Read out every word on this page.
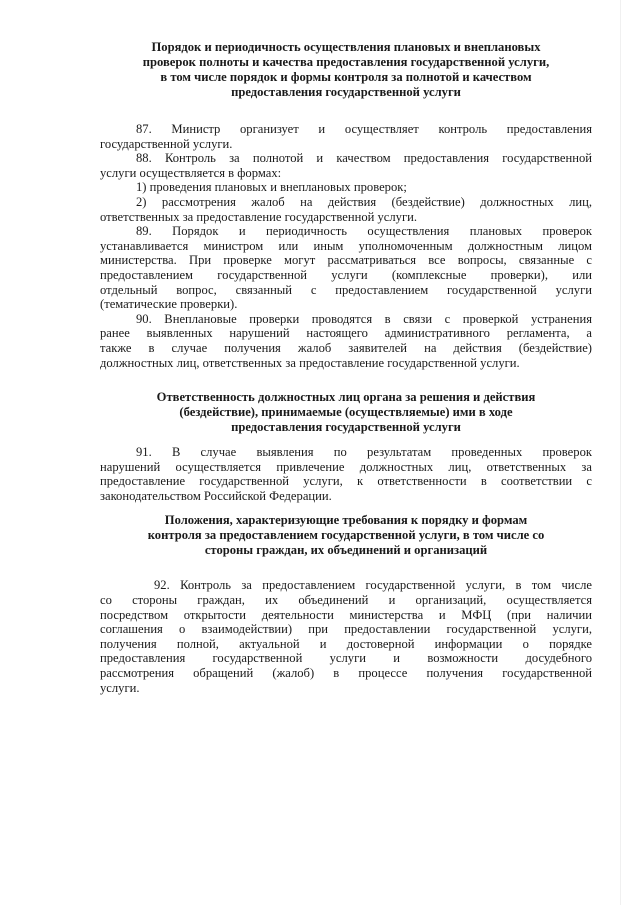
Порядок и периодичность осуществления плановых и внеплановых
проверок полноты и качества предоставления государственной услуги,
в том числе порядок и формы контроля за полнотой и качеством
предоставления государственной услуги
87. Министр организует и осуществляет контроль предоставления
государственной услуги.
88. Контроль за полнотой и качеством предоставления государственной
услуги осуществляется в формах:
1) проведения плановых и внеплановых проверок;
2) рассмотрения жалоб на действия (бездействие) должностных лиц,
ответственных за предоставление государственной услуги.
89. Порядок и периодичность осуществления плановых проверок
устанавливается министром или иным уполномоченным должностным лицом
министерства. При проверке могут рассматриваться все вопросы, связанные с
предоставлением государственной услуги (комплексные проверки), или
отдельный вопрос, связанный с предоставлением государственной услуги
(тематические проверки).
90. Внеплановые проверки проводятся в связи с проверкой устранения
ранее выявленных нарушений настоящего административного регламента, а
также в случае получения жалоб заявителей на действия (бездействие)
должностных лиц, ответственных за предоставление государственной услуги.
Ответственность должностных лиц органа за решения и действия
(бездействие), принимаемые (осуществляемые) ими в ходе
предоставления государственной услуги
91. В случае выявления по результатам проведенных проверок
нарушений осуществляется привлечение должностных лиц, ответственных за
предоставление государственной услуги, к ответственности в соответствии с
законодательством Российской Федерации.
Положения, характеризующие требования к порядку и формам
контроля за предоставлением государственной услуги, в том числе со
стороны граждан, их объединений и организаций
92. Контроль за предоставлением государственной услуги, в том числе
со стороны граждан, их объединений и организаций, осуществляется
посредством открытости деятельности министерства и МФЦ (при наличии
соглашения о взаимодействии) при предоставлении государственной услуги,
получения полной, актуальной и достоверной информации о порядке
предоставления государственной услуги и возможности досудебного
рассмотрения обращений (жалоб) в процессе получения государственной
услуги.
